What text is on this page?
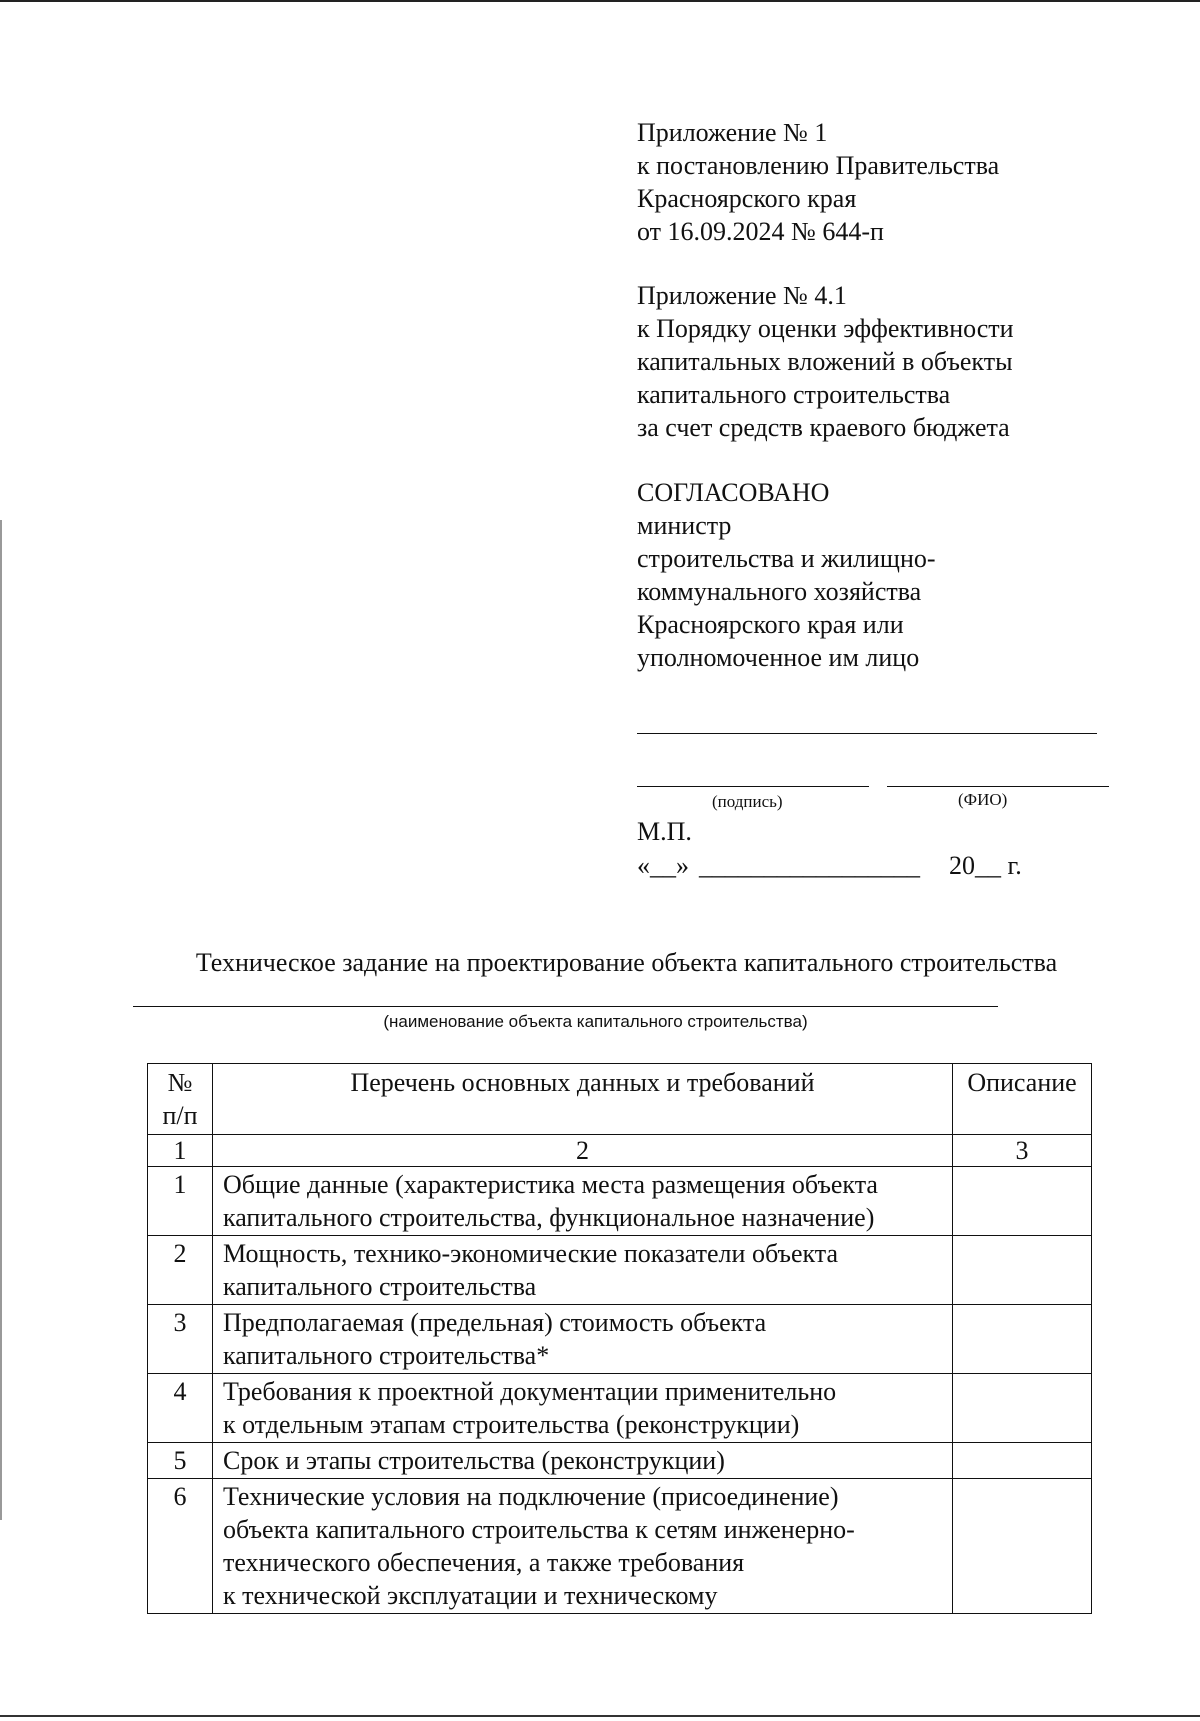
Приложение № 1
к постановлению Правительства
Красноярского края
от 16.09.2024 № 644-п
Приложение № 4.1
к Порядку оценки эффективности
капитальных вложений в объекты
капитального строительства
за счет средств краевого бюджета
СОГЛАСОВАНО
министр
строительства и жилищно-
коммунального хозяйства
Красноярского края или
уполномоченное им лицо
(подпись)	(ФИО)
М.П.
«__» _________________ 20__ г.
Техническое задание на проектирование объекта капитального строительства
(наименование объекта капитального строительства)
№
п/п	Перечень основных данных и требований	Описание
1	2	3
1	Общие данные (характеристика места размещения объекта
капитального строительства, функциональное назначение)	

2	Мощность, технико-экономические показатели объекта
капитального строительства	

3	Предполагаемая (предельная) стоимость объекта
капитального строительства*	

4	Требования к проектной документации применительно
к отдельным этапам строительства (реконструкции)	

5	Срок и этапы строительства (реконструкции)	

6	Технические условия на подключение (присоединение)
объекта капитального строительства к сетям инженерно-
технического обеспечения, а также требования
к технической эксплуатации и техническому	
